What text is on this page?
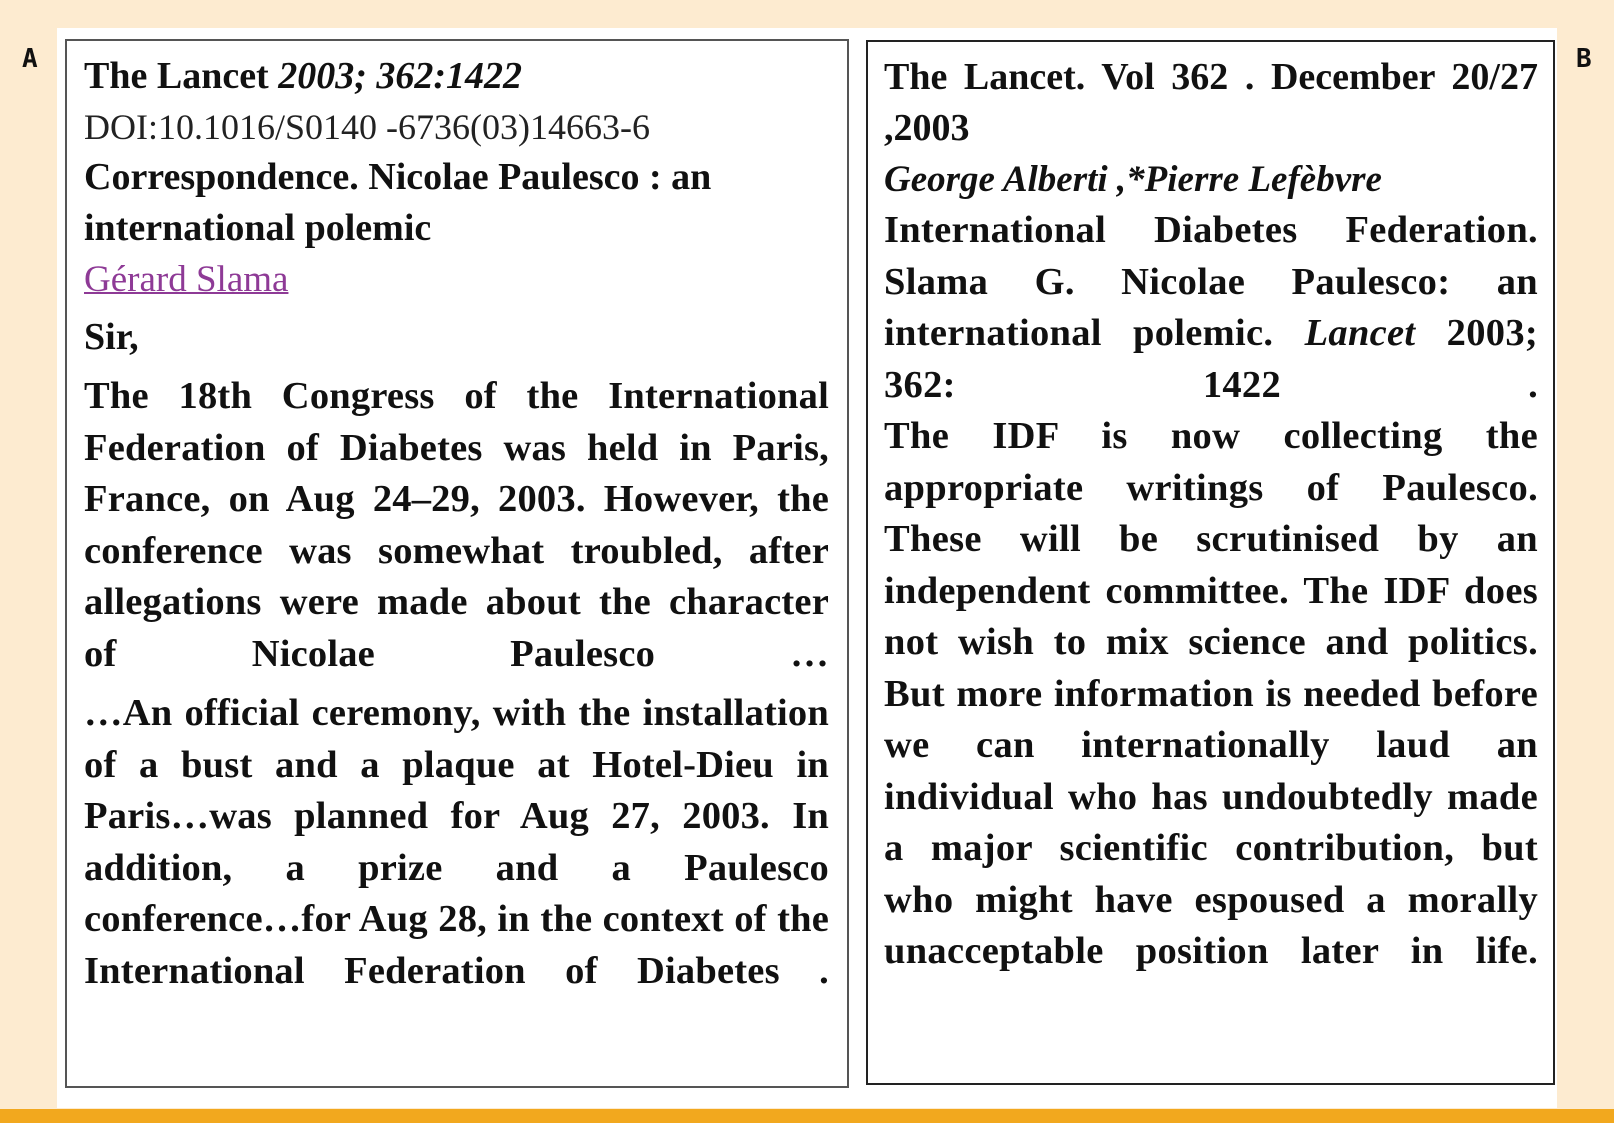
A	B

The Lancet 2003; 362:1422

DOI:10.1016/S0140 -6736(03)14663-6

Correspondence. Nicolae Paulesco : an international polemic

Gérard Slama

Sir,

The 18th Congress of the International Federation of Diabetes was held in Paris, France, on Aug 24–29, 2003. However, the conference was somewhat troubled, after allegations were made about the character of Nicolae Paulesco …

…An official ceremony, with the installation of a bust and a plaque at Hotel-Dieu in Paris…was planned for Aug 27, 2003. In addition, a prize and a Paulesco conference…for Aug 28, in the context of the International Federation of Diabetes .

The Lancet. Vol 362 . December 20/27 ,2003

George Alberti ,*Pierre Lefèbvre

International Diabetes Federation.

Slama G. Nicolae Paulesco: an international polemic. Lancet 2003; 362: 1422 .

The IDF is now collecting the appropriate writings of Paulesco. These will be scrutinised by an independent committee. The IDF does not wish to mix science and politics. But more information is needed before we can internationally laud an individual who has undoubtedly made a major scientific contribution, but who might have espoused a morally unacceptable position later in life.
